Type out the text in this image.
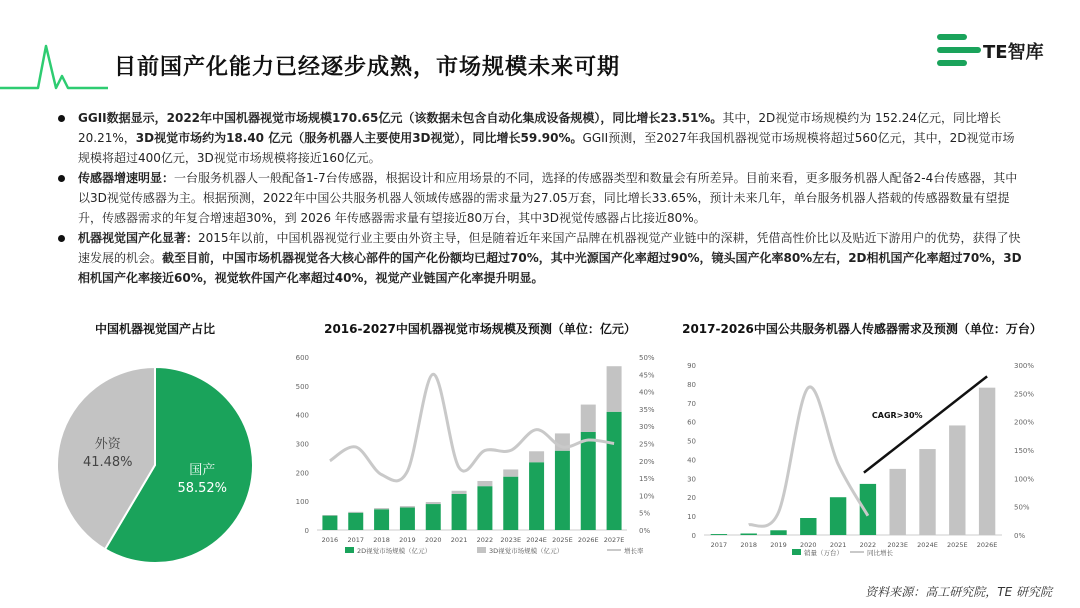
目前国产化能力已经逐步成熟，市场规模未来可期
TE智库
GGII数据显示，2022年中国机器视觉市场规模170.65亿元（该数据未包含自动化集成设备规模），同比增长23.51%。其中，2D视觉市场规模约为 152.24亿元，同比增长20.21%，3D视觉市场约为18.40 亿元（服务机器人主要使用3D视觉），同比增长59.90%。GGII预测，至2027年我国机器视觉市场规模将超过560亿元，其中，2D视觉市场规模将超过400亿元，3D视觉市场规模将接近160亿元。
传感器增速明显：一台服务机器人一般配备1-7台传感器，根据设计和应用场景的不同，选择的传感器类型和数量会有所差异。目前来看，更多服务机器人配备2-4台传感器，其中以3D视觉传感器为主。根据预测，2022年中国公共服务机器人领域传感器的需求量为27.05万套，同比增长33.65%，预计未来几年，单台服务机器人搭载的传感器数量有望提升，传感器需求的年复合增速超30%，到 2026 年传感器需求量有望接近80万台，其中3D视觉传感器占比接近80%。
机器视觉国产化显著：2015年以前，中国机器视觉行业主要由外资主导，但是随着近年来国产品牌在机器视觉产业链中的深耕，凭借高性价比以及贴近下游用户的优势，获得了快速发展的机会。截至目前，中国市场机器视觉各大核心部件的国产化份额均已超过70%，其中光源国产化率超过90%，镜头国产化率80%左右，2D相机国产化率超过70%，3D相机国产化率接近60%，视觉软件国产化率超过40%，视觉产业链国产化率提升明显。
中国机器视觉国产占比	2016-2027中国机器视觉市场规模及预测（单位：亿元）	2017-2026中国公共服务机器人传感器需求及预测（单位：万台）
国产
58.52%
外资
41.48%
0
100
200
300
400
500
600
0%
5%
10%
15%
20%
25%
30%
35%
40%
45%
50%
2016 2017 2018 2019 2020 2021 2022 2023E 2024E 2025E 2026E 2027E
2D视觉市场规模（亿元）	3D视觉市场规模（亿元）	增长率
0
10
20
30
40
50
60
70
80
90
0%
50%
100%
150%
200%
250%
300%
2017 2018 2019 2020 2021 2022 2023E 2024E 2025E 2026E
销量（万台）	同比增长
CAGR>30%
资料来源：高工研究院，TE 研究院
